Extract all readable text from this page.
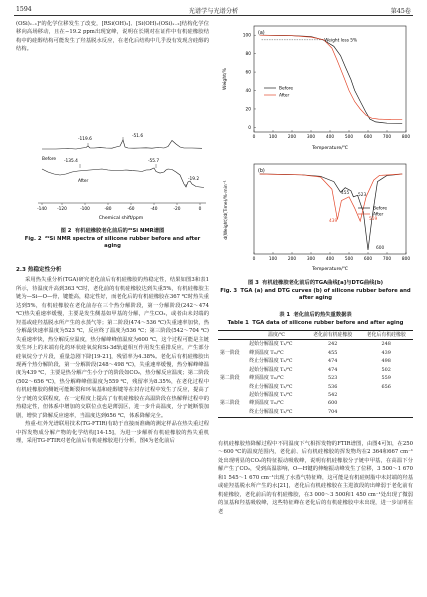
1594	光谱学与光谱分析	第45卷

(OSi)ₓ₋₁]²的化学位移发生了改变，[RSi(OH)₂]、[Si(OH)₂(OSi)ₓ₋₂]结构化学位移向高场移动，且在−19.2 ppm出现宽峰，说明在长期对在证件中有机硅橡胶结构中的硅醇结构可能发生了羟基脱水反应，在老化后结构中几乎没有发现含硅醇的结构。

-119.6
-51.6
-135.4	-55.7
-19.2
Before
After
0
-20
-40
-60
-80
-100
-120
-140
Chemical shift/ppm
图 2 有机硅橡胶老化前后的²⁹Si NMR谱图
Fig. 2 ²⁹Si NMR spectra of silicone rubber before and after aging
2.3 热稳定性分析

采用热失重分析(TGA)研究老化前后有机硅橡胶的热稳定性，结果如图3和表1所示，待温度升高到363 ℃时，老化前的有机硅橡胶达到失重5%，有机硅橡胶主链为—Si—O—骨，键能高，稳定性好，而老化后的有机硅橡胶在367 ℃时热失重达到5%，有机硅橡胶在老化前存在三个热分解阶段，第一分解阶段(242～474 ℃)热失重速率缓慢，主要是发生侧基如甲基的分解，产生CO₂，或者由未封端的羟基或硅羟基脱水所产生的水蒸气等；第二阶段(474～536 ℃)失重速率加快，热分解最快速率温度为523 ℃，反应终了温度为536 ℃；第三阶段(542～704 ℃)失重速率快，热分解反应温度，热分解峰峰值温度为600 ℃，这个过程可能是主链发生环上的末端有化的环状硅氧烷和Si-3d轨道相互作用发生重排反应，产生部分硅氧烷分子片段，重量急剧下降[19-21]，残留率为4.38%。老化后有机硅橡胶出现两个热分解阶段，第一分解阶段(248～498 ℃)，失重速率缓慢，热分解峰峰温度为439 ℃，主要是热分解产生小分子的阶段如CO₂，热分解反应温度；第二阶段(502～656 ℃)，热分解峰峰值温度为559 ℃，残留率为8.35%，在老化过程中有机硅橡胶的侧链可能断裂和环氧基和硅醇键等在封存过程中发生了反应，提高了分子链的交联程度，在一定程度上提高了有机硅橡胶在高温阶段在热解释过程中的热稳定性，但体系中增加的交联位点也是薄弱区，进一步升高温度，分子链断裂加剧，增快了降解反应速率，当温度达到656 ℃，体系降解完全。

热重-红外光谱联用技术(TG-FTIR)有助于直接而准确的测定样品在热失重过程中挥发物成分解产物的化学结构[14-15]，为进一步解析有机硅橡胶的热失重机理，采用TG-FTIR对老化前后有机硅橡胶进行分析，图4为老化前后

(a)
0
20
40
60
80
100
0	100	200	300	400	500	600	700	800
Weight loss 5%
Before
After
Weight/%
Temperature/℃
(b)
0	100	200	300	400	500	600	700	800
455
439
523
559
600
Before
After
d(Weight)/d(Time)/%·min⁻¹
Temperature/℃
图 3 有机硅橡胶老化前后的TGA曲线[a]与DTG曲线(b)
Fig. 3 TGA (a) and DTG curves (b) of silicone rubber before and after aging
表 1 老化前后的热失重数据表
Table 1 TGA data of silicone rubber before and after aging
	温度/℃	老化前有机硅橡胶	老化后有机硅橡胶
第一阶段	起始分解温度 T₁/℃	242	248
	峰顶温度 Tₘ/℃	455	439
	终止分解温度 T₂/℃	474	498
第二阶段	起始分解温度 T₁/℃	474	502
	峰顶温度 Tₘ/℃	523	559
	终止分解温度 T₂/℃	536	656
第三阶段	起始分解温度 T₁/℃	542	
	峰顶温度 Tₘ/℃	600	
	终止分解温度 T₂/℃	704	

有机硅橡胶热降解过程中不同温度下气相挥发物的FTIR谱图，由图4可知，在250～600 ℃的温度范围内，老化前、后有机硅橡胶的挥发物均在2 364和667 cm⁻¹处出现明显的CO₂的特征振动吸收峰，说明有机硅橡胶分子链中甲基，在高温下分解产生了CO₂，受到高温影响，O—H键的伸缩振动峰发生了位移，3 500～1 670和1 545～1 670 cm⁻¹出现了水蒸气特征峰，这可能是有机硅树脂中未封端的羟基或硅羟基脱水所产生的水[21]，老化后有机硅橡胶在主进波段的出峰弱于老化前有机硅橡胶，老化前后的有机硅橡胶，在3 000～3 500和1 450 cm⁻¹处出现了微弱的氢基和羟基吸收峰，这些特征峰在老化后的有机硅橡胶中未出现，进一步证明在老
